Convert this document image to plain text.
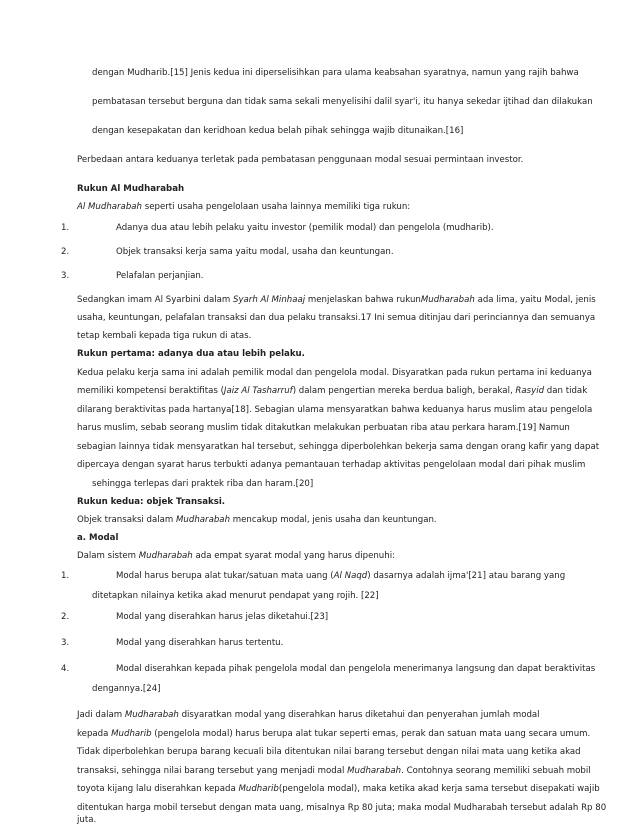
dengan Mudharib.[15] Jenis kedua ini diperselisihkan para ulama keabsahan syaratnya, namun yang rajih bahwa
pembatasan tersebut berguna dan tidak sama sekali menyelisihi dalil syar'i, itu hanya sekedar ijtihad dan dilakukan
dengan kesepakatan dan keridhoan kedua belah pihak sehingga wajib ditunaikan.[16]
Perbedaan antara keduanya terletak pada pembatasan penggunaan modal sesuai permintaan investor.
Rukun Al Mudharabah
Al Mudharabah seperti usaha pengelolaan usaha lainnya memiliki tiga rukun:
1.	Adanya dua atau lebih pelaku yaitu investor (pemilik modal) dan pengelola (mudharib).
2.	Objek transaksi kerja sama yaitu modal, usaha dan keuntungan.
3.	Pelafalan perjanjian.
Sedangkan imam Al Syarbini dalam Syarh Al Minhaaj menjelaskan bahwa rukunMudharabah ada lima, yaitu Modal, jenis
usaha, keuntungan, pelafalan transaksi dan dua pelaku transaksi.17 Ini semua ditinjau dari perinciannya dan semuanya
tetap kembali kepada tiga rukun di atas.
Rukun pertama: adanya dua atau lebih pelaku.
Kedua pelaku kerja sama ini adalah pemilik modal dan pengelola modal. Disyaratkan pada rukun pertama ini keduanya
memiliki kompetensi beraktifitas (Jaiz Al Tasharruf) dalam pengertian mereka berdua baligh, berakal, Rasyid dan tidak
dilarang beraktivitas pada hartanya[18]. Sebagian ulama mensyaratkan bahwa keduanya harus muslim atau pengelola
harus muslim, sebab seorang muslim tidak ditakutkan melakukan perbuatan riba atau perkara haram.[19] Namun
sebagian lainnya tidak mensyaratkan hal tersebut, sehingga diperbolehkan bekerja sama dengan orang kafir yang dapat
dipercaya dengan syarat harus terbukti adanya pemantauan terhadap aktivitas pengelolaan modal dari pihak muslim
sehingga terlepas dari praktek riba dan haram.[20]
Rukun kedua: objek Transaksi.
Objek transaksi dalam Mudharabah mencakup modal, jenis usaha dan keuntungan.
a. Modal
Dalam sistem Mudharabah ada empat syarat modal yang harus dipenuhi:
1.	Modal harus berupa alat tukar/satuan mata uang (Al Naqd) dasarnya adalah ijma'[21] atau barang yang
ditetapkan nilainya ketika akad menurut pendapat yang rojih. [22]
2.	Modal yang diserahkan harus jelas diketahui.[23]
3.	Modal yang diserahkan harus tertentu.
4.	Modal diserahkan kepada pihak pengelola modal dan pengelola menerimanya langsung dan dapat beraktivitas
dengannya.[24]
Jadi dalam Mudharabah disyaratkan modal yang diserahkan harus diketahui dan penyerahan jumlah modal
kepada Mudharib (pengelola modal) harus berupa alat tukar seperti emas, perak dan satuan mata uang secara umum.
Tidak diperbolehkan berupa barang kecuali bila ditentukan nilai barang tersebut dengan nilai mata uang ketika akad
transaksi, sehingga nilai barang tersebut yang menjadi modal Mudharabah. Contohnya seorang memiliki sebuah mobil
toyota kijang lalu diserahkan kepada Mudharib(pengelola modal), maka ketika akad kerja sama tersebut disepakati wajib
ditentukan harga mobil tersebut dengan mata uang, misalnya Rp 80 juta; maka modal Mudharabah tersebut adalah Rp 80
juta.
